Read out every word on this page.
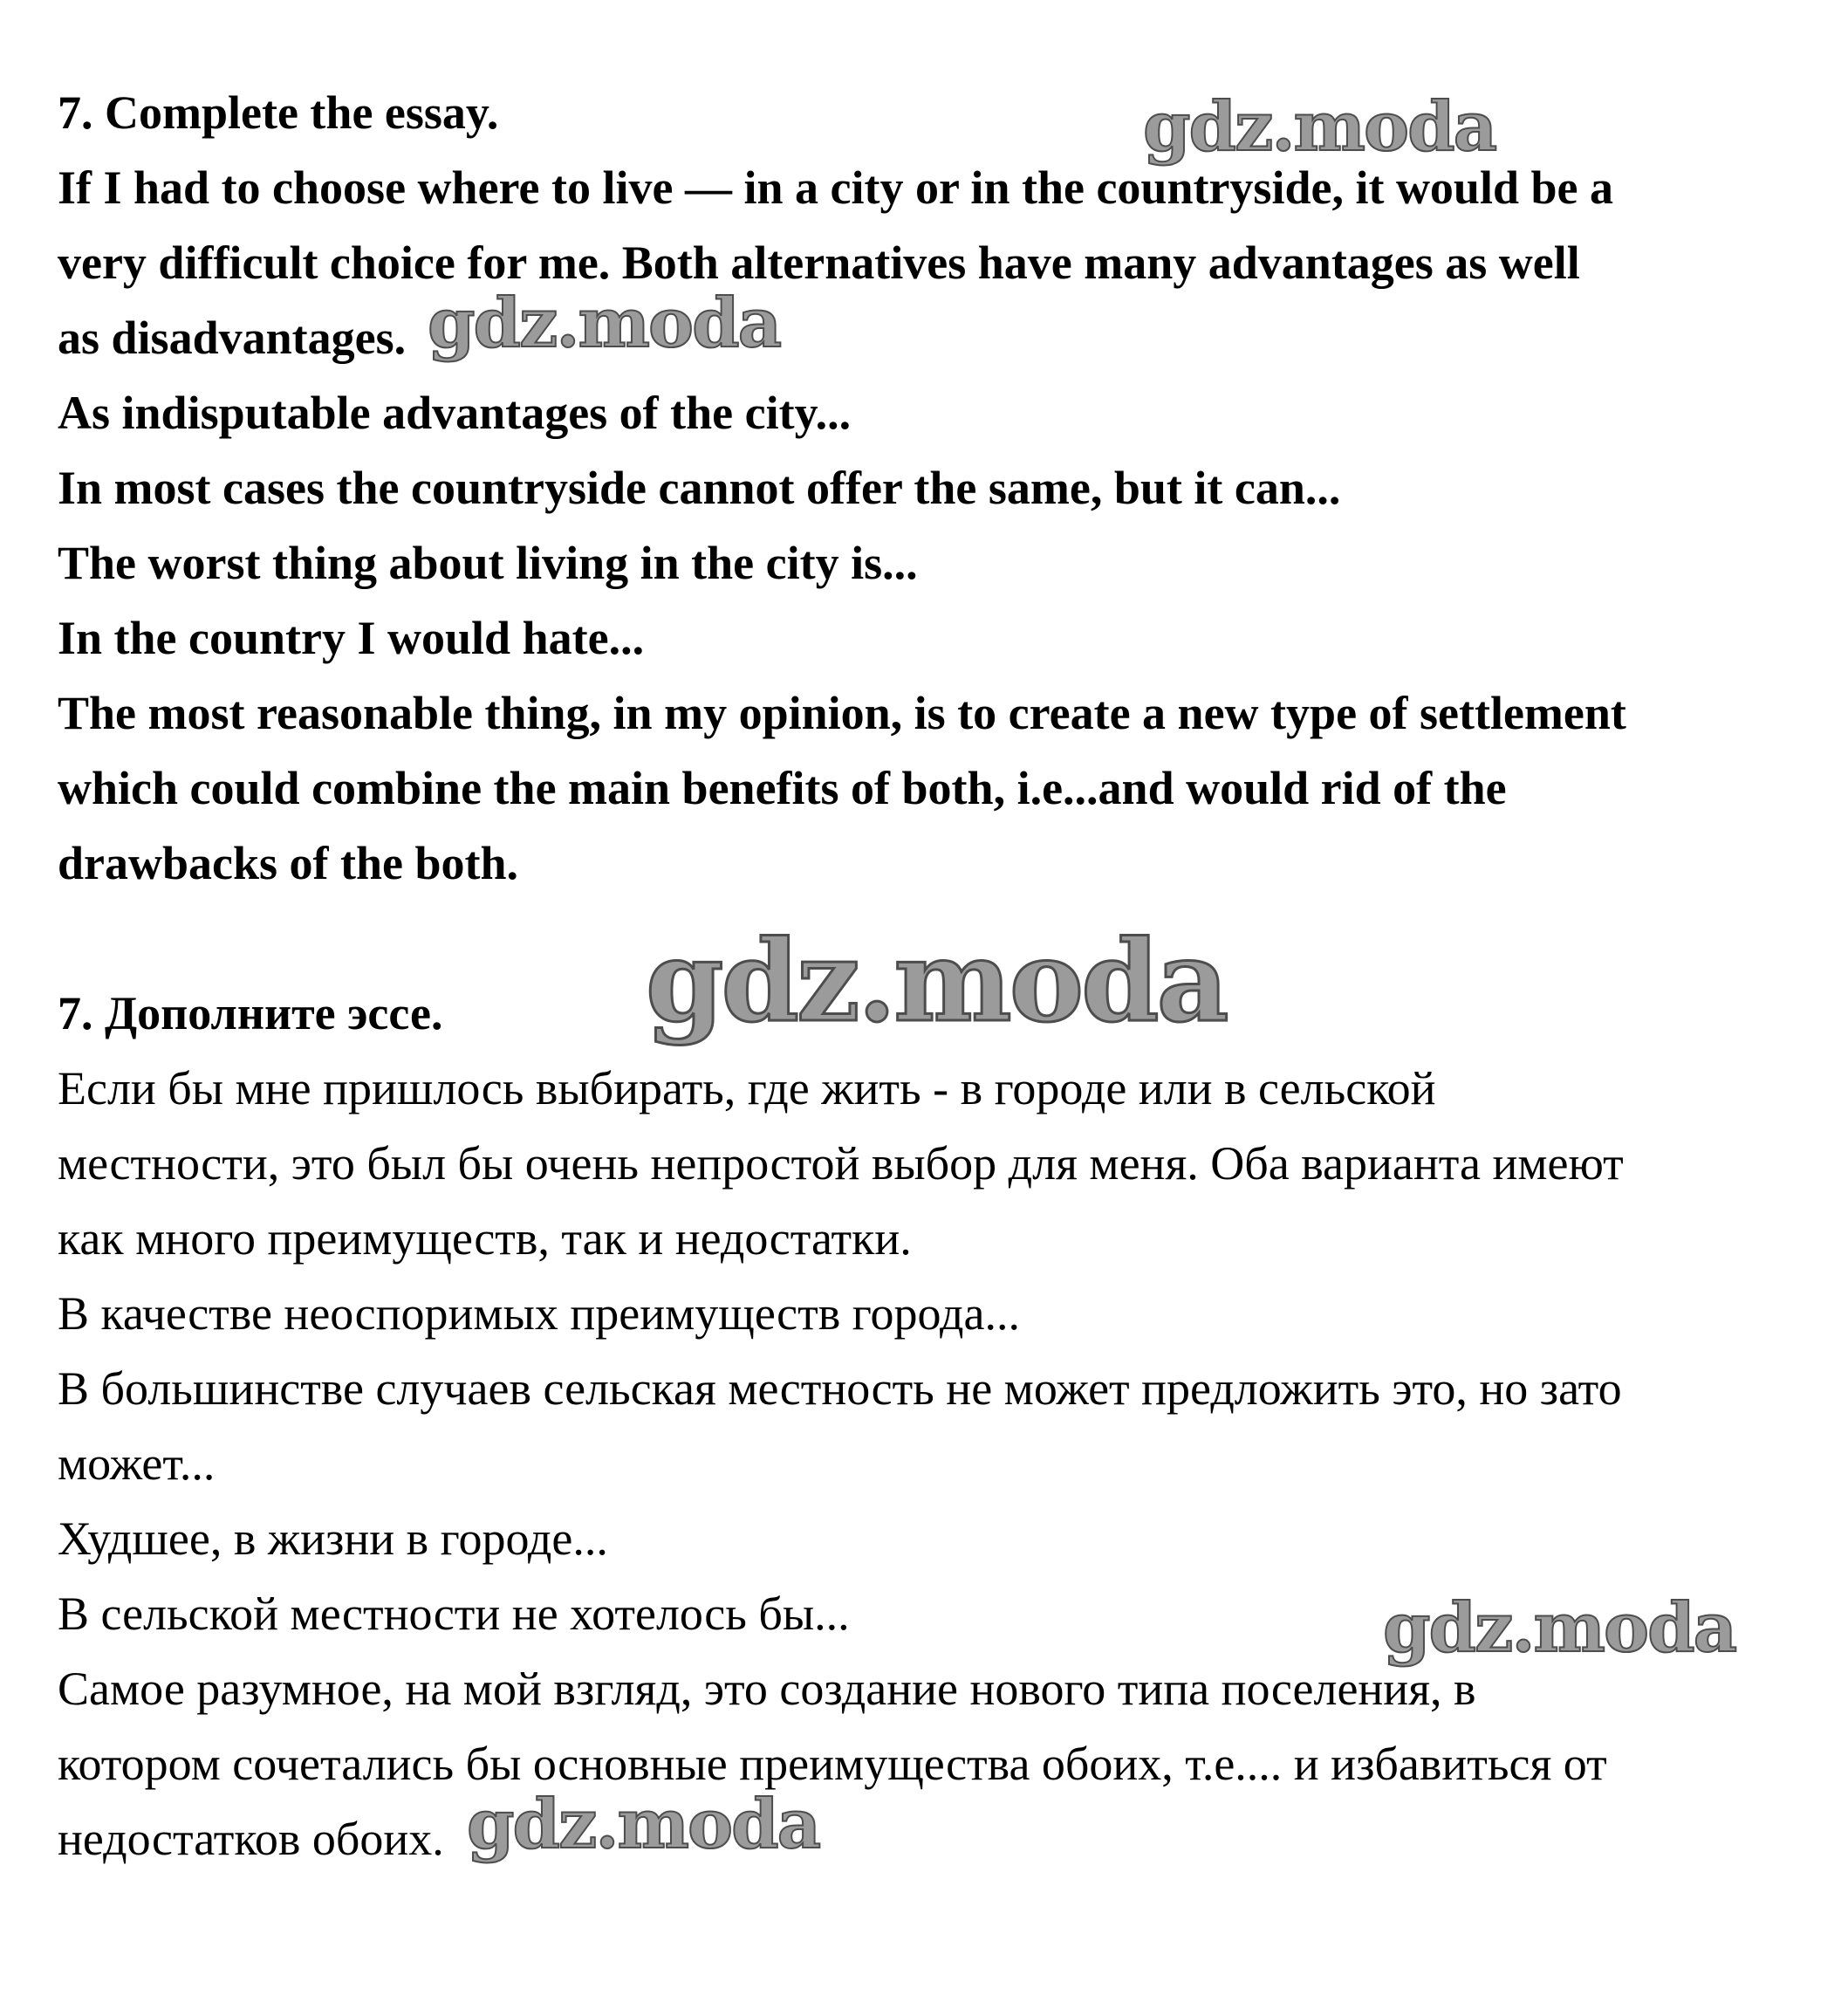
7. Complete the essay.
If I had to choose where to live — in a city or in the countryside, it would be a
very difficult choice for me. Both alternatives have many advantages as well
as disadvantages.
As indisputable advantages of the city...
In most cases the countryside cannot offer the same, but it can...
The worst thing about living in the city is...
In the country I would hate...
The most reasonable thing, in my opinion, is to create a new type of settlement
which could combine the main benefits of both, i.e...and would rid of the
drawbacks of the both.
7. Дополните эссе.
Если бы мне пришлось выбирать, где жить - в городе или в сельской
местности, это был бы очень непростой выбор для меня. Оба варианта имеют
как много преимуществ, так и недостатки.
В качестве неоспоримых преимуществ города...
В большинстве случаев сельская местность не может предложить это, но зато
может...
Худшее, в жизни в городе...
В сельской местности не хотелось бы...
Самое разумное, на мой взгляд, это создание нового типа поселения, в
котором сочетались бы основные преимущества обоих, т.е.... и избавиться от
недостатков обоих.
gdz.moda
gdz.moda
gdz.moda
gdz.moda
gdz.moda
